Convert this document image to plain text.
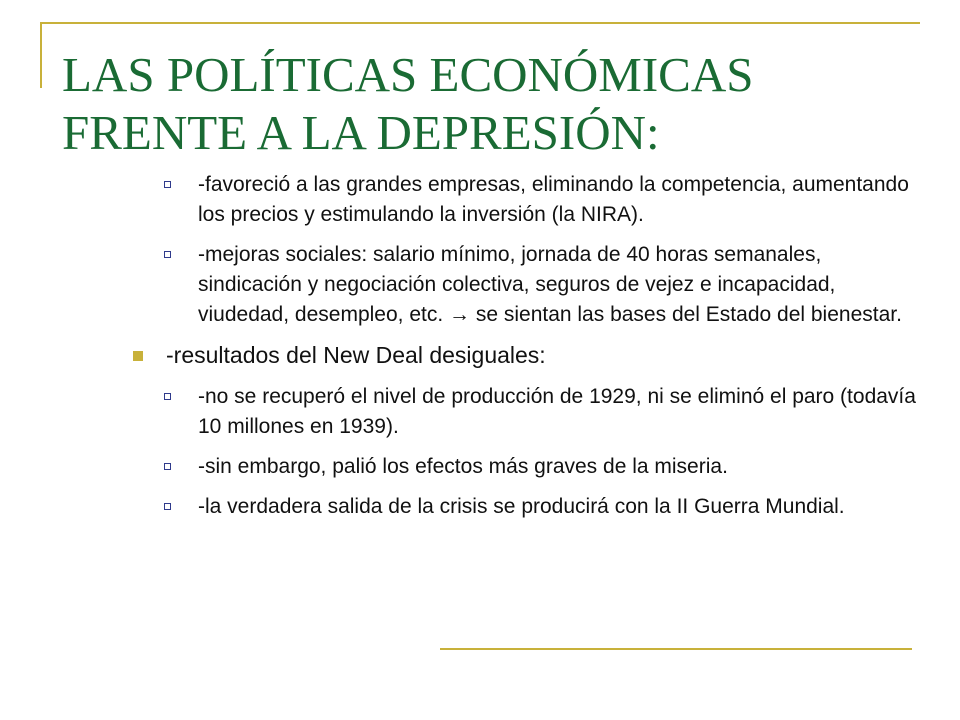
LAS POLÍTICAS ECONÓMICAS FRENTE A LA DEPRESIÓN:
-favoreció a las grandes empresas, eliminando la competencia, aumentando los precios y estimulando la inversión (la NIRA).
-mejoras sociales: salario mínimo, jornada de 40 horas semanales, sindicación y negociación colectiva, seguros de vejez e incapacidad, viudedad, desempleo, etc. → se sientan las bases del Estado del bienestar.
-resultados del New Deal desiguales:
-no se recuperó el nivel de producción de 1929, ni se eliminó el paro (todavía 10 millones en 1939).
-sin embargo, palió los efectos más graves de la miseria.
-la verdadera salida de la crisis se producirá con la II Guerra Mundial.
